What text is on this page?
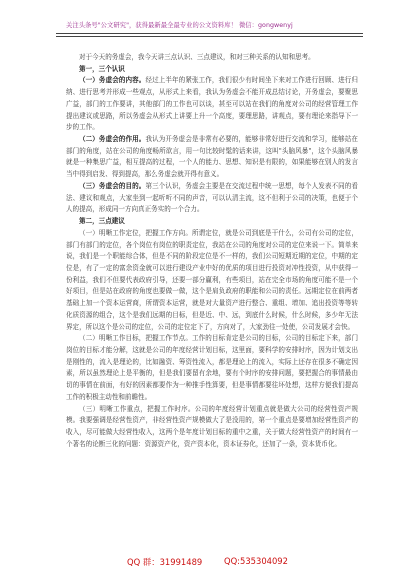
关注头条号"公文研究"，获得最新最全最专业的公文资料库！ 微信：gongwenyj

对于今天的务虚会，我今天讲三点认识、三点建议，和对三种关系的认知和思考。

第一，三个认识

（一）务虚会的内容。经过上半年的紧张工作，我们很少有时间坐下来对工作进行回顾、进行归纳、进行思考并形成一些观点，从形式上来看，我认为务虚会不能开成总结讨论，开务虚会，要聚思广益，部门的工作要讲，其他部门的工作也可以谈，甚至可以站在我们的角度对公司的经营管理工作提出建议或思路，所以务虚会从形式上讲要上升一个高度，要理思路，讲观点，要有理论来指导下一步的工作。

（二）务虚会的作用。我认为开务虚会是非常有必要的，能够非常好进行交流和学习，能够站在部门的角度，站在公司的角度畅所欲言，用一句比较时髦的话来讲，这叫"头脑风暴"，这个头脑风暴就是一种集思广益，相互提高的过程，一个人的能力、思想、知识是有限的，如果能够在别人的发言当中得到启发、得到提高，那么务虚会就开得有意义。

（三）务虚会的目的。第三个认识，务虚会主要是在交流过程中统一思想，每个人发表不同的看法、建议和观点，大家坐到一起听听不同的声音，可以认清主流，这不但利于公司的决策，也便于个人的提高，形成同一方向真正务实的一个合力。

第二，三点建议

（一）明晰工作定位，把握工作方向。所谓定位，就是公司到底是干什么，公司有公司的定位，部门有部门的定位，各个岗位有岗位的职责定位，我站在公司的角度对公司的定位来说一下。简单来说，我们是一个职能综合体，但是不同的阶段定位是不一样的，我们公司短期近期的定位，中期的定位是，有了一定的富余资金就可以进行建设产业中好的优质的项目进行投资对冲性投资，从中获得一份利益，我们不但要代表政府引导，还要一部分赢利，有些项目，站在完全市场的角度可能不是一个好项目，但是站在政府的角度也要做一做，这个是肩负政府的职能和公司的责任。远期定位在前两者基础上加一个资本运营商，所谓资本运营，就是对大量资产进行整合、重组、增加、追出投资等等转化质资源的组合，这个是我们远期的目标，但是近、中、远，到底什么时候，什么时候，多少年无法界定，所以这个是公司的定位，公司的定位定下了，方向对了，大家劲往一处使，公司发展才会快。

（二）明晰工作目标，把握工作节点。工作的目标肯定是公司的目标，公司的目标定下来，部门岗位的目标才能分解，这就是公司的年度经营计划目标，这里面，要科学的安排时序，因为计划支出是刚性的，流入是理论的，比如融资、筹资性流入，都是理论上的流入，实际上还存在很多不确定因素，所以虽然理论上是平衡的，但是我们要留有余地，要有个时序的安排问题，要把握合的事情最由切的事情在前面，有好的因素都要作为一种推手性算要，但是事情都要往坏处想，这样方便我们提高工作的积极主动性和前瞻性。

（三）明晰工作重点，把握工作时序。公司的年度经营计划重点就是做大公司的经营性资产规模。我要强调是经营性资产，非经营性资产规模做大了是没用的，第一个重点是要增加经营性资产的收入，尽可能做大经营性收入，这两个是年度计划目标的重中之重，关于做大经营性资产的时间有一个著名的论断三化的问题：资源资产化，资产资本化，资本证券化，还加了一条，资本货币化。

QQ 群：31991489	QQ:535304092
